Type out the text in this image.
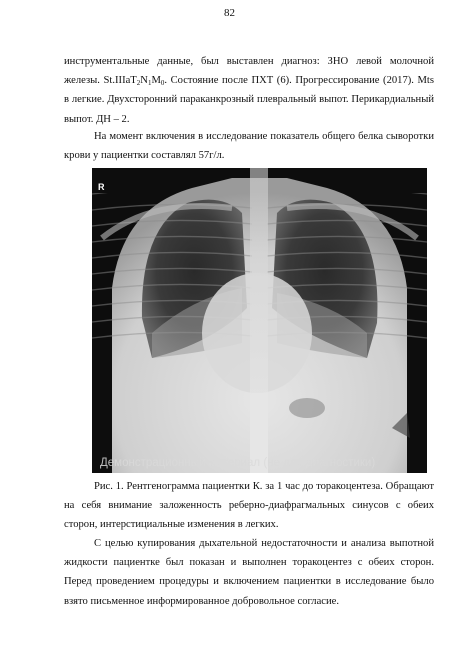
82

инструментальные данные, был выставлен диагноз: ЗНО левой молочной железы. $St.IIIaT_2N_1M_0$. Состояние после ПХТ (6). Прогрессирование (2017). Mts в легкие. Двухсторонний параканкрозный плевральный выпот. Перикардиальный выпот. ДН – 2.

На момент включения в исследование показатель общего белка сыворотки крови у пациентки составлял 57г/л.

R
Демонстрационный материал (не для диагностики)

Рис. 1. Рентгенограмма пациентки К. за 1 час до торакоцентеза. Обращают на себя внимание заложенность реберно-диафрагмальных синусов с обеих сторон, интерстициальные изменения в легких.

С целью купирования дыхательной недостаточности и анализа выпотной жидкости пациентке был показан и выполнен торакоцентез с обеих сторон. Перед проведением процедуры и включением пациентки в исследование было взято письменное информированное добровольное согласие.
